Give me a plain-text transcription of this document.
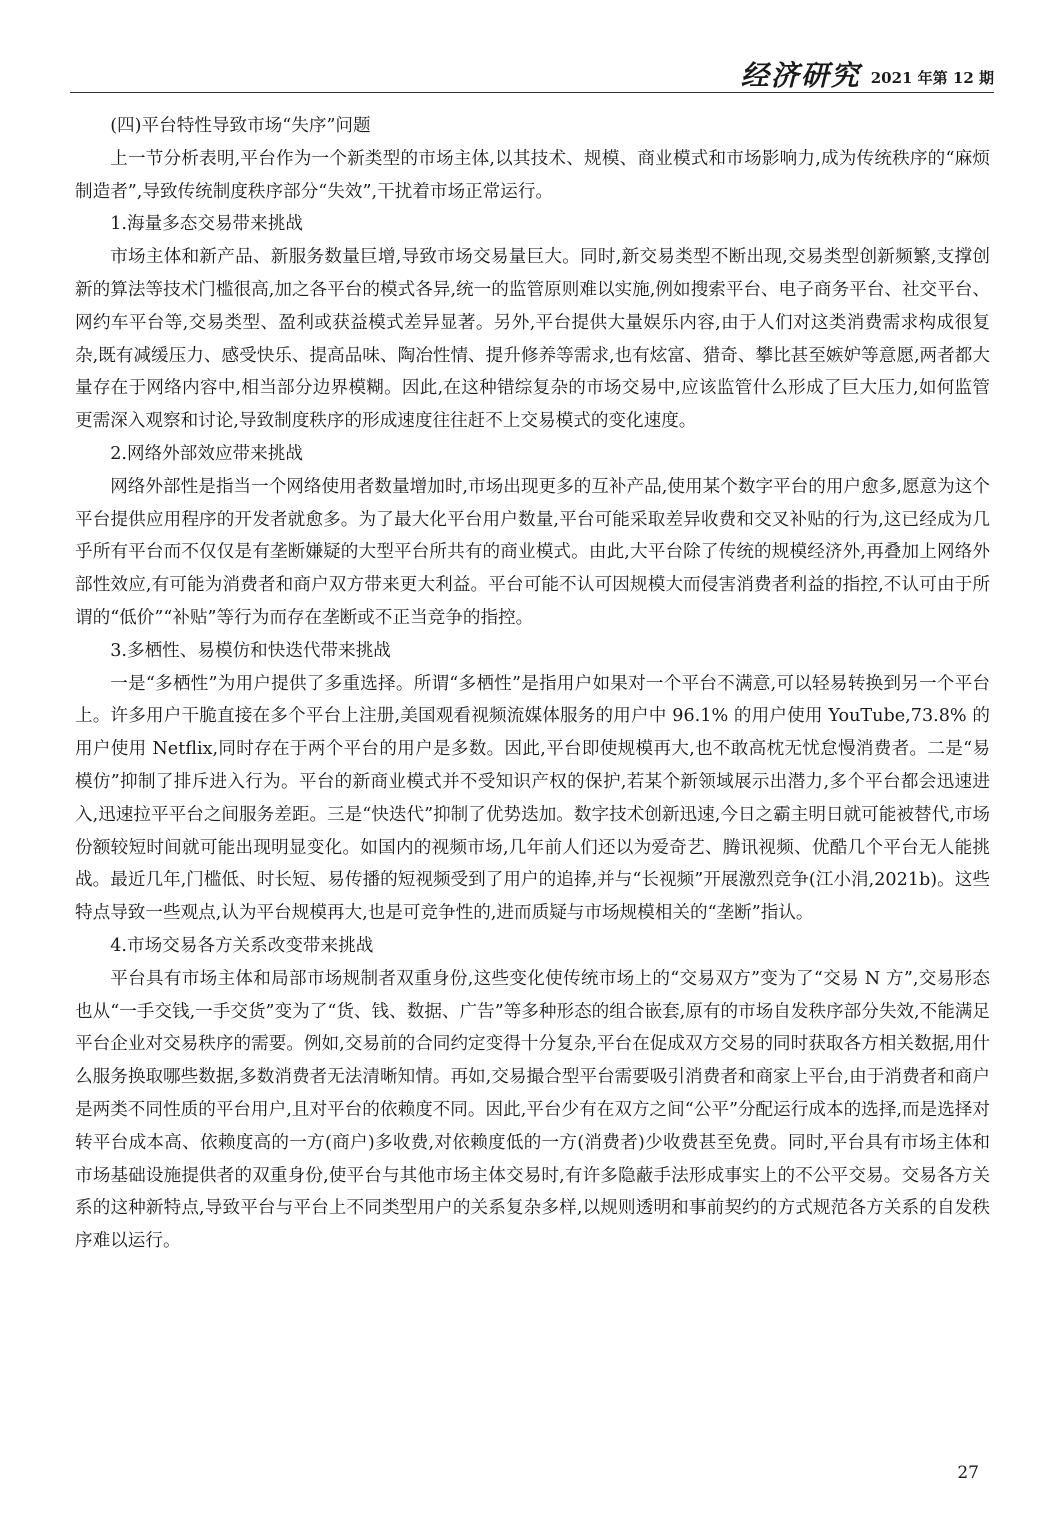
经济研究 2021 年第 12 期
(四)平台特性导致市场“失序”问题

上一节分析表明,平台作为一个新类型的市场主体,以其技术、规模、商业模式和市场影响力,成为传统秩序的“麻烦制造者”,导致传统制度秩序部分“失效”,干扰着市场正常运行。

1.海量多态交易带来挑战

市场主体和新产品、新服务数量巨增,导致市场交易量巨大。同时,新交易类型不断出现,交易类型创新频繁,支撑创新的算法等技术门槛很高,加之各平台的模式各异,统一的监管原则难以实施,例如搜索平台、电子商务平台、社交平台、网约车平台等,交易类型、盈利或获益模式差异显著。另外,平台提供大量娱乐内容,由于人们对这类消费需求构成很复杂,既有减缓压力、感受快乐、提高品味、陶冶性情、提升修养等需求,也有炫富、猎奇、攀比甚至嫉妒等意愿,两者都大量存在于网络内容中,相当部分边界模糊。因此,在这种错综复杂的市场交易中,应该监管什么形成了巨大压力,如何监管更需深入观察和讨论,导致制度秩序的形成速度往往赶不上交易模式的变化速度。

2.网络外部效应带来挑战

网络外部性是指当一个网络使用者数量增加时,市场出现更多的互补产品,使用某个数字平台的用户愈多,愿意为这个平台提供应用程序的开发者就愈多。为了最大化平台用户数量,平台可能采取差异收费和交叉补贴的行为,这已经成为几乎所有平台而不仅仅是有垄断嫌疑的大型平台所共有的商业模式。由此,大平台除了传统的规模经济外,再叠加上网络外部性效应,有可能为消费者和商户双方带来更大利益。平台可能不认可因规模大而侵害消费者利益的指控,不认可由于所谓的“低价”“补贴”等行为而存在垄断或不正当竞争的指控。

3.多栖性、易模仿和快迭代带来挑战

一是“多栖性”为用户提供了多重选择。所谓“多栖性”是指用户如果对一个平台不满意,可以轻易转换到另一个平台上。许多用户干脆直接在多个平台上注册,美国观看视频流媒体服务的用户中 96.1% 的用户使用 YouTube,73.8% 的用户使用 Netflix,同时存在于两个平台的用户是多数。因此,平台即使规模再大,也不敢高枕无忧怠慢消费者。二是“易模仿”抑制了排斥进入行为。平台的新商业模式并不受知识产权的保护,若某个新领域展示出潜力,多个平台都会迅速进入,迅速拉平平台之间服务差距。三是“快迭代”抑制了优势迭加。数字技术创新迅速,今日之霸主明日就可能被替代,市场份额较短时间就可能出现明显变化。如国内的视频市场,几年前人们还以为爱奇艺、腾讯视频、优酷几个平台无人能挑战。最近几年,门槛低、时长短、易传播的短视频受到了用户的追捧,并与“长视频”开展激烈竞争(江小涓,2021b)。这些特点导致一些观点,认为平台规模再大,也是可竞争性的,进而质疑与市场规模相关的“垄断”指认。

4.市场交易各方关系改变带来挑战

平台具有市场主体和局部市场规制者双重身份,这些变化使传统市场上的“交易双方”变为了“交易 N 方”,交易形态也从“一手交钱,一手交货”变为了“货、钱、数据、广告”等多种形态的组合嵌套,原有的市场自发秩序部分失效,不能满足平台企业对交易秩序的需要。例如,交易前的合同约定变得十分复杂,平台在促成双方交易的同时获取各方相关数据,用什么服务换取哪些数据,多数消费者无法清晰知情。再如,交易撮合型平台需要吸引消费者和商家上平台,由于消费者和商户是两类不同性质的平台用户,且对平台的依赖度不同。因此,平台少有在双方之间“公平”分配运行成本的选择,而是选择对转平台成本高、依赖度高的一方(商户)多收费,对依赖度低的一方(消费者)少收费甚至免费。同时,平台具有市场主体和市场基础设施提供者的双重身份,使平台与其他市场主体交易时,有许多隐蔽手法形成事实上的不公平交易。交易各方关系的这种新特点,导致平台与平台上不同类型用户的关系复杂多样,以规则透明和事前契约的方式规范各方关系的自发秩序难以运行。

27
